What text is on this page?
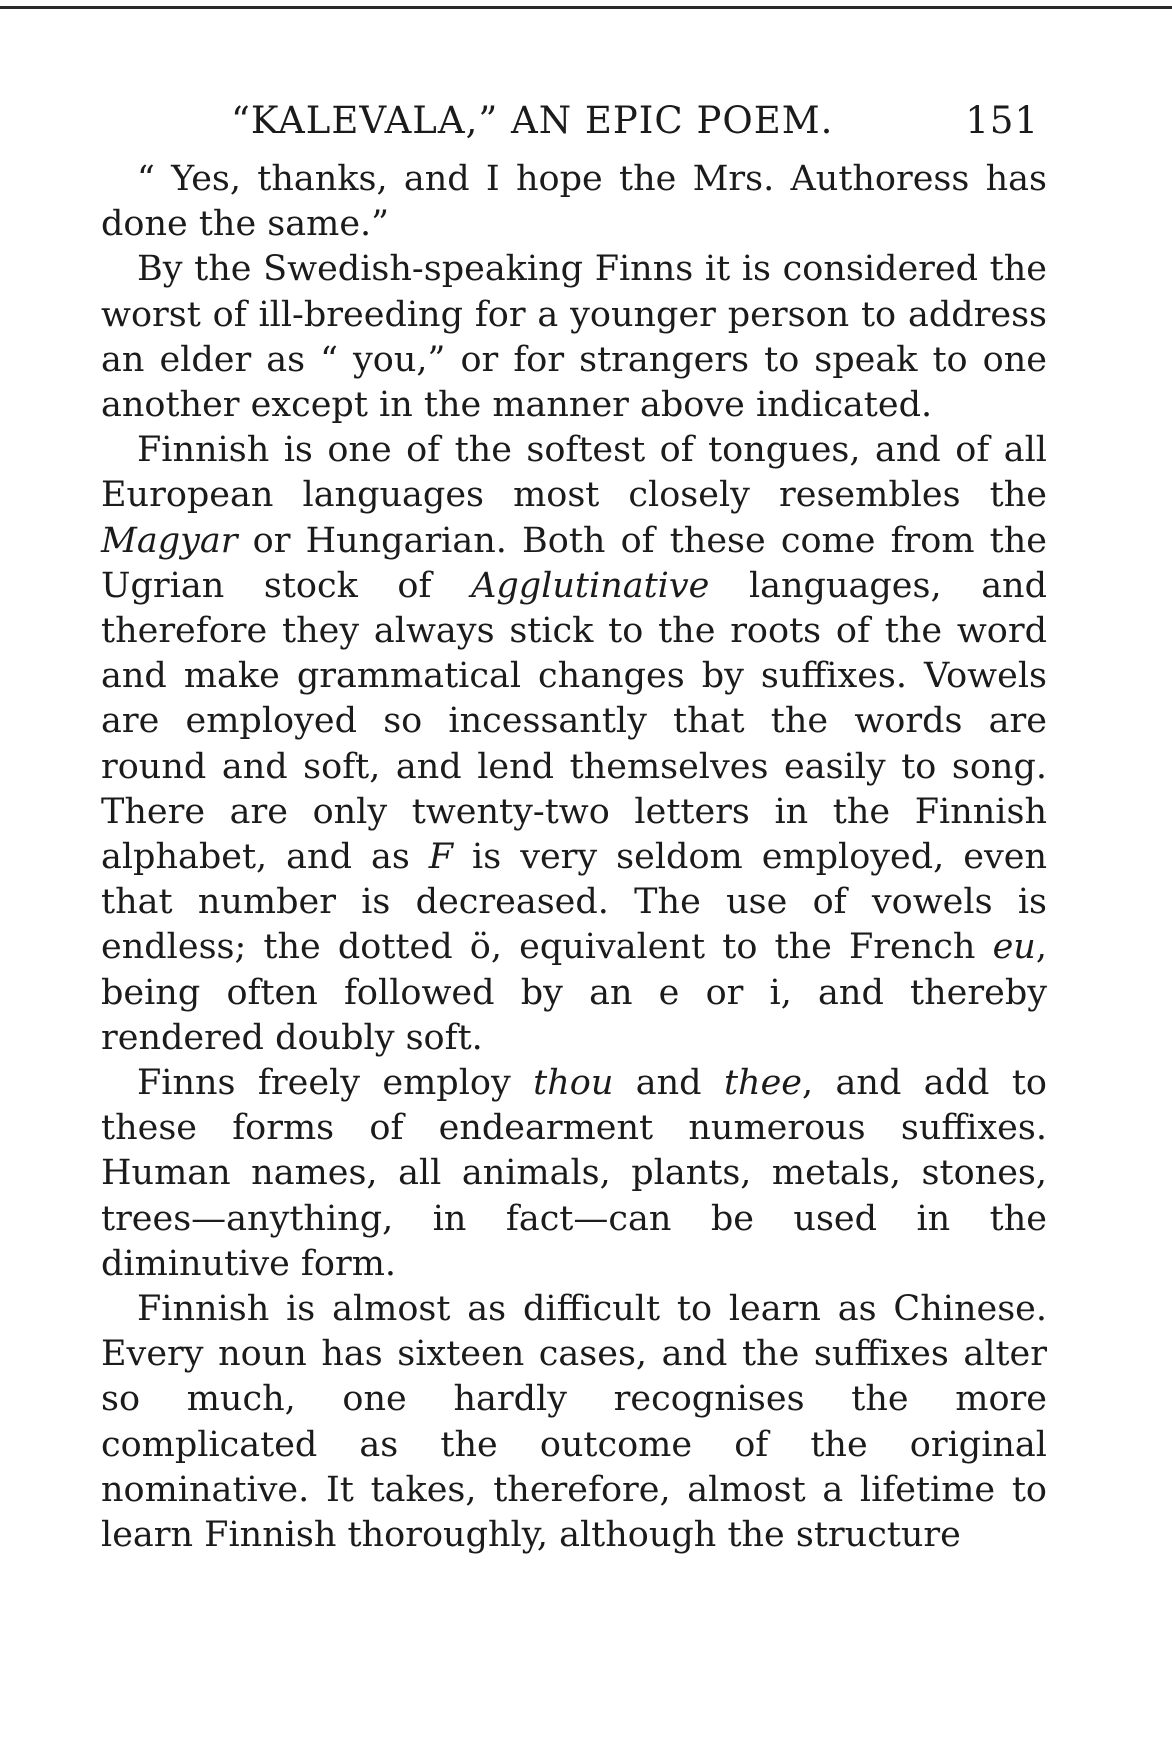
“KALEVALA,” AN EPIC POEM.	151

“ Yes, thanks, and I hope the Mrs. Authoress has done the same.”

By the Swedish-speaking Finns it is considered the worst of ill-breeding for a younger person to address an elder as “ you,” or for strangers to speak to one another except in the manner above indicated.

Finnish is one of the softest of tongues, and of all European languages most closely resembles the Magyar or Hungarian. Both of these come from the Ugrian stock of Agglutinative languages, and therefore they always stick to the roots of the word and make grammatical changes by suffixes. Vowels are employed so incessantly that the words are round and soft, and lend themselves easily to song. There are only twenty-two letters in the Finnish alphabet, and as F is very seldom employed, even that number is decreased. The use of vowels is endless; the dotted ö, equivalent to the French eu, being often followed by an e or i, and thereby rendered doubly soft.

Finns freely employ thou and thee, and add to these forms of endearment numerous suffixes. Human names, all animals, plants, metals, stones, trees—anything, in fact—can be used in the diminutive form.

Finnish is almost as difficult to learn as Chinese. Every noun has sixteen cases, and the suffixes alter so much, one hardly recognises the more complicated as the outcome of the original nominative. It takes, therefore, almost a lifetime to learn Finnish thoroughly, although the structure
